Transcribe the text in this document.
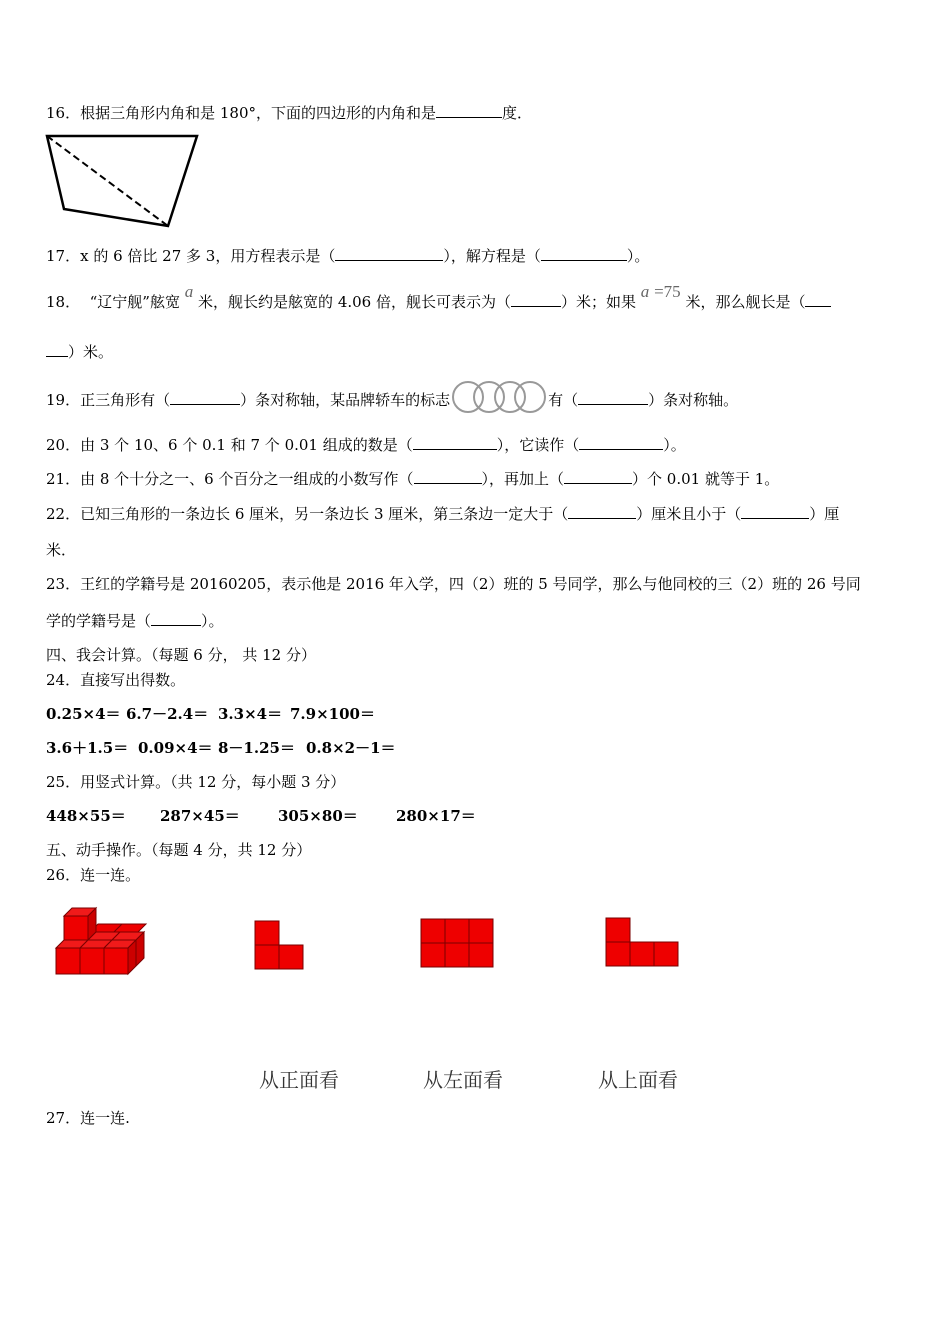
16．根据三角形内角和是 180°，下面的四边形的内角和是	度．
17．x 的 6 倍比 27 多 3，用方程表示是（	），解方程是（	）。
18． “辽宁舰”舷宽 a 米，舰长约是舷宽的 4.06 倍，舰长可表示为（	）米；如果 a =75 米，那么舰长是（
）米。
19．正三角形有（	）条对称轴，某品牌轿车的标志	有（	）条对称轴。
20．由 3 个 10、6 个 0.1 和 7 个 0.01 组成的数是（	），它读作（	）。
21．由 8 个十分之一、6 个百分之一组成的小数写作（	），再加上（	）个 0.01 就等于 1。
22．已知三角形的一条边长 6 厘米，另一条边长 3 厘米，第三条边一定大于（	）厘米且小于（	）厘
米．
23．王红的学籍号是 20160205，表示他是 2016 年入学，四（2）班的 5 号同学，那么与他同校的三（2）班的 26 号同
学的学籍号是（	）。
四、我会计算。（每题 6 分， 共 12 分）
24．直接写出得数。
0.25×4＝ 6.7－2.4＝ 3.3×4＝ 7.9×100＝
3.6＋1.5＝ 0.09×4＝ 8－1.25＝ 0.8×2－1＝
25．用竖式计算。（共 12 分，每小题 3 分）
448×55＝ 287×45＝	305×80＝	280×17＝
五、动手操作。（每题 4 分，共 12 分）
26．连一连。
从正面看	从左面看	从上面看
27．连一连.
